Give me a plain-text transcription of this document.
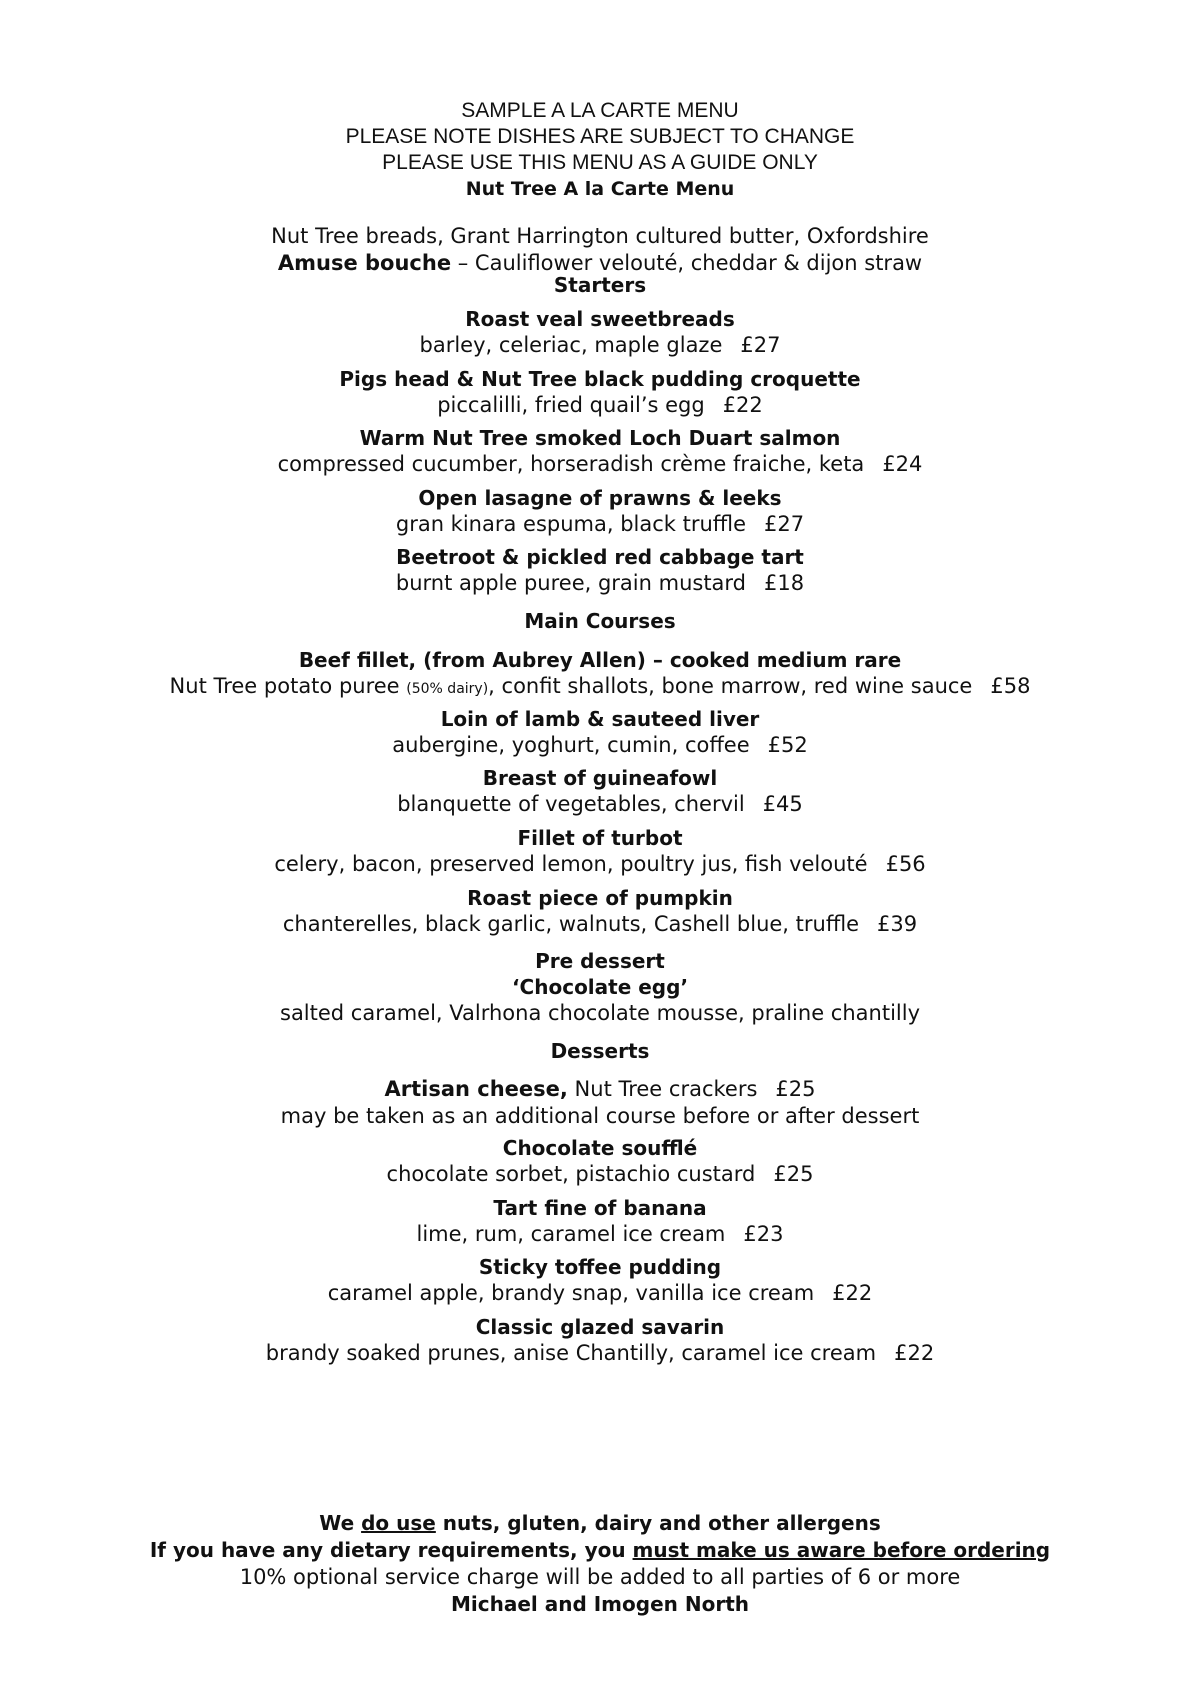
SAMPLE A LA CARTE MENU
PLEASE NOTE DISHES ARE SUBJECT TO CHANGE
PLEASE USE THIS MENU AS A GUIDE ONLY
Nut Tree A la Carte Menu
Nut Tree breads, Grant Harrington cultured butter, Oxfordshire
Amuse bouche – Cauliflower velouté, cheddar & dijon straw
Starters
Roast veal sweetbreads
barley, celeriac, maple glaze £27
Pigs head & Nut Tree black pudding croquette
piccalilli, fried quail’s egg £22
Warm Nut Tree smoked Loch Duart salmon
compressed cucumber, horseradish crème fraiche, keta £24
Open lasagne of prawns & leeks
gran kinara espuma, black truffle £27
Beetroot & pickled red cabbage tart
burnt apple puree, grain mustard £18
Main Courses
Beef fillet, (from Aubrey Allen) – cooked medium rare
Nut Tree potato puree (50% dairy), confit shallots, bone marrow, red wine sauce £58
Loin of lamb & sauteed liver
aubergine, yoghurt, cumin, coffee £52
Breast of guineafowl
blanquette of vegetables, chervil £45
Fillet of turbot
celery, bacon, preserved lemon, poultry jus, fish velouté £56
Roast piece of pumpkin
chanterelles, black garlic, walnuts, Cashell blue, truffle £39
Pre dessert
‘Chocolate egg’
salted caramel, Valrhona chocolate mousse, praline chantilly
Desserts
Artisan cheese, Nut Tree crackers £25
may be taken as an additional course before or after dessert
Chocolate soufflé
chocolate sorbet, pistachio custard £25
Tart fine of banana
lime, rum, caramel ice cream £23
Sticky toffee pudding
caramel apple, brandy snap, vanilla ice cream £22
Classic glazed savarin
brandy soaked prunes, anise Chantilly, caramel ice cream £22
We do use nuts, gluten, dairy and other allergens
If you have any dietary requirements, you must make us aware before ordering
10% optional service charge will be added to all parties of 6 or more
Michael and Imogen North
